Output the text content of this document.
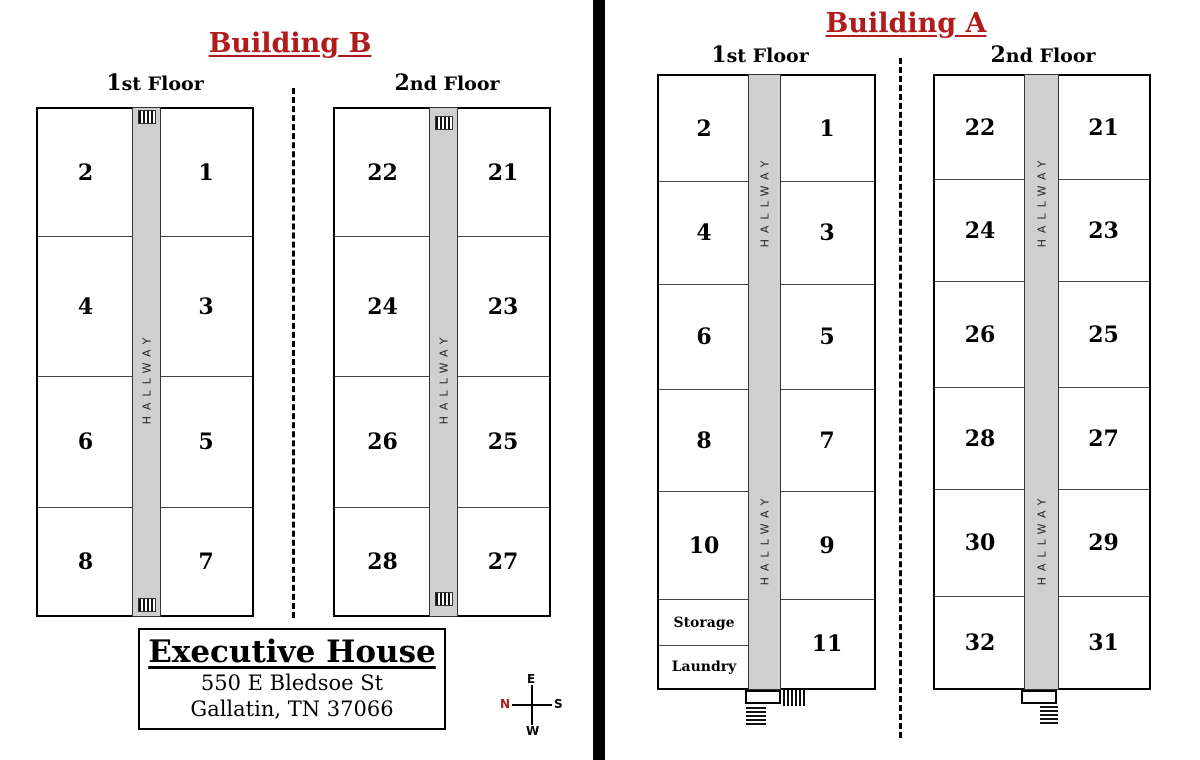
Building B
1st Floor	2nd Floor
2
4
6
8
1
3
5
7
HALLWAY
22
24
26
28
21
23
25
27
HALLWAY
Executive House
550 E Bledsoe St
Gallatin, TN 37066
E
N	S
W
Building A
1st Floor	2nd Floor
2
4
6
8
10
Storage
Laundry
1
3
5
7
9
11
HALLWAY
HALLWAY
22
24
26
28
30
32
21
23
25
27
29
31
HALLWAY
HALLWAY
